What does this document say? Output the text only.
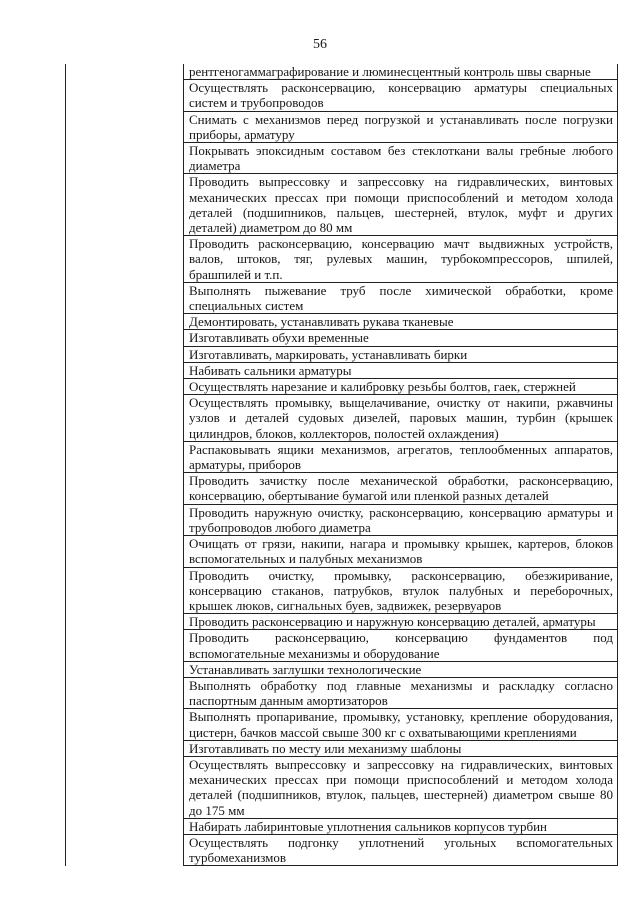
56
рентгеногаммаграфирование и люминесцентный контроль швы сварные
Осуществлять расконсервацию, консервацию арматуры специальных систем и трубопроводов
Снимать с механизмов перед погрузкой и устанавливать после погрузки приборы, арматуру
Покрывать эпоксидным составом без стеклоткани валы гребные любого диаметра
Проводить выпрессовку и запрессовку на гидравлических, винтовых механических прессах при помощи приспособлений и методом холода деталей (подшипников, пальцев, шестерней, втулок, муфт и других деталей) диаметром до 80 мм
Проводить расконсервацию, консервацию мачт выдвижных устройств, валов, штоков, тяг, рулевых машин, турбокомпрессоров, шпилей, брашпилей и т.п.
Выполнять пыжевание труб после химической обработки, кроме специальных систем
Демонтировать, устанавливать рукава тканевые
Изготавливать обухи временные
Изготавливать, маркировать, устанавливать бирки
Набивать сальники арматуры
Осуществлять нарезание и калибровку резьбы болтов, гаек, стержней
Осуществлять промывку, выщелачивание, очистку от накипи, ржавчины узлов и деталей судовых дизелей, паровых машин, турбин (крышек цилиндров, блоков, коллекторов, полостей охлаждения)
Распаковывать ящики механизмов, агрегатов, теплообменных аппаратов, арматуры, приборов
Проводить зачистку после механической обработки, расконсервацию, консервацию, обертывание бумагой или пленкой разных деталей
Проводить наружную очистку, расконсервацию, консервацию арматуры и трубопроводов любого диаметра
Очищать от грязи, накипи, нагара и промывку крышек, картеров, блоков вспомогательных и палубных механизмов
Проводить очистку, промывку, расконсервацию, обезжиривание, консервацию стаканов, патрубков, втулок палубных и переборочных, крышек люков, сигнальных буев, задвижек, резервуаров
Проводить расконсервацию и наружную консервацию деталей, арматуры
Проводить расконсервацию, консервацию фундаментов под вспомогательные механизмы и оборудование
Устанавливать заглушки технологические
Выполнять обработку под главные механизмы и раскладку согласно паспортным данным амортизаторов
Выполнять пропаривание, промывку, установку, крепление оборудования, цистерн, бачков массой свыше 300 кг с охватывающими креплениями
Изготавливать по месту или механизму шаблоны
Осуществлять выпрессовку и запрессовку на гидравлических, винтовых механических прессах при помощи приспособлений и методом холода деталей (подшипников, втулок, пальцев, шестерней) диаметром свыше 80 до 175 мм
Набирать лабиринтовые уплотнения сальников корпусов турбин
Осуществлять подгонку уплотнений угольных вспомогательных турбомеханизмов
